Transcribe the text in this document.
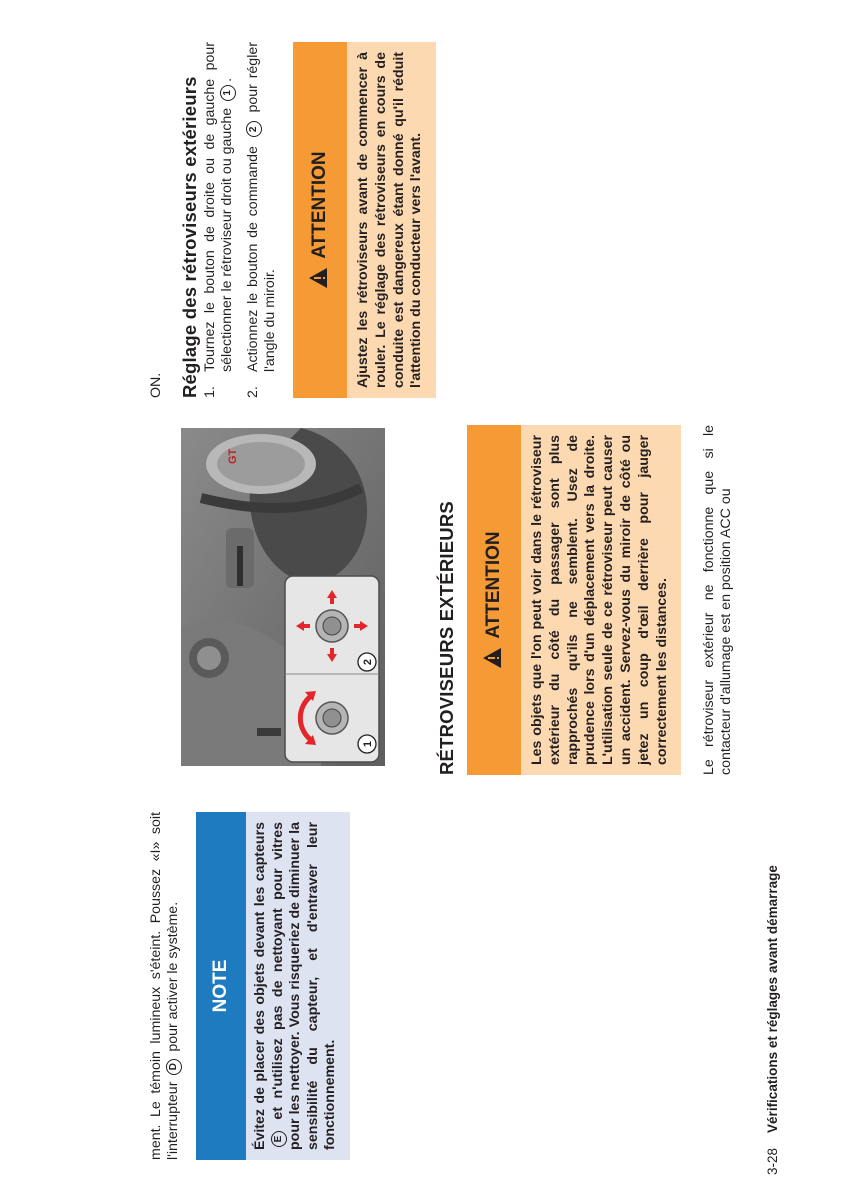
3-28    Vérifications et réglages avant démarrage

ment. Le témoin lumineux s'éteint. Poussez «I» soit l'interrupteur D pour activer le système.	NOTE	Évitez de placer des objets devant les capteurs E et n'utilisez pas de nettoyant pour vitres pour les nettoyer. Vous risqueriez de diminuer la sensibilité du capteur, et d'entraver leur fonctionnement.
RÉTROVISEURS EXTÉRIEURS	ATTENTION	Les objets que l'on peut voir dans le rétroviseur extérieur du côté du passager sont plus rapprochés qu'ils ne semblent. Usez de prudence lors d'un déplacement vers la droite. L'utilisation seule de ce rétroviseur peut causer un accident. Servez-vous du miroir de côté ou jetez un coup d'œil derrière pour jauger correctement les distances.	Le rétroviseur extérieur ne fonctionne que si le contacteur d'allumage est en position ACC ou

GT
2
1

ON. Réglage des rétroviseurs extérieurs 1.
Tournez le bouton de droite ou de gauche pour sélectionner le rétroviseur droit ou gauche 1.
2.
Actionnez le bouton de commande 2 pour régler l'angle du miroir.
ATTENTION	Ajustez les rétroviseurs avant de commencer à rouler. Le réglage des rétroviseurs en cours de conduite est dangereux étant donné qu'il réduit l'attention du conducteur vers l'avant.
